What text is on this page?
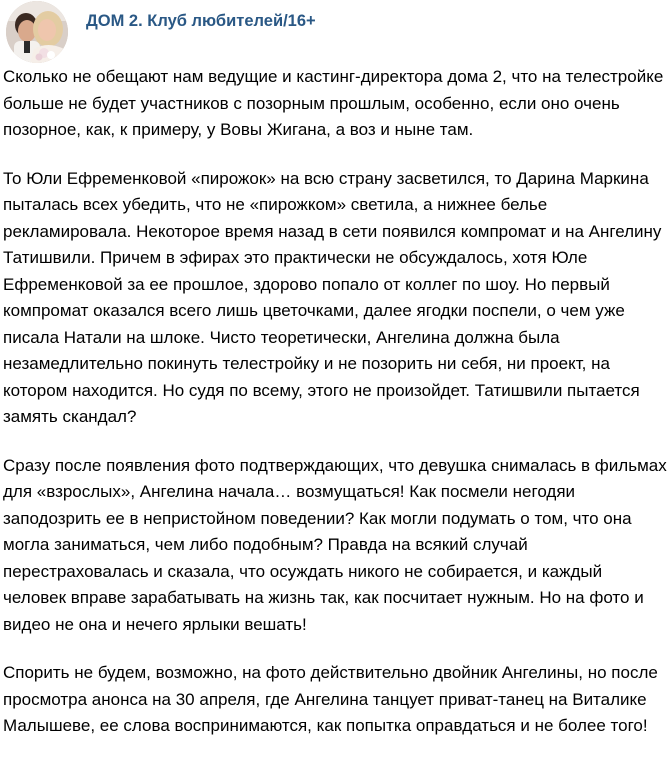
ДОМ 2. Клуб любителей/16+

Сколько не обещают нам ведущие и кастинг-директора дома 2, что на телестройке больше не будет участников с позорным прошлым, особенно, если оно очень позорное, как, к примеру, у Вовы Жигана, а воз и ныне там.

То Юли Ефременковой «пирожок» на всю страну засветился, то Дарина Маркина пыталась всех убедить, что не «пирожком» светила, а нижнее белье рекламировала. Некоторое время назад в сети появился компромат и на Ангелину Татишвили. Причем в эфирах это практически не обсуждалось, хотя Юле Ефременковой за ее прошлое, здорово попало от коллег по шоу. Но первый компромат оказался всего лишь цветочками, далее ягодки поспели, о чем уже писала Натали на шлоке. Чисто теоретически, Ангелина должна была незамедлительно покинуть телестройку и не позорить ни себя, ни проект, на котором находится. Но судя по всему, этого не произойдет. Татишвили пытается замять скандал?

Сразу после появления фото подтверждающих, что девушка снималась в фильмах для «взрослых», Ангелина начала… возмущаться! Как посмели негодяи заподозрить ее в непристойном поведении? Как могли подумать о том, что она могла заниматься, чем либо подобным? Правда на всякий случай перестраховалась и сказала, что осуждать никого не собирается, и каждый человек вправе зарабатывать на жизнь так, как посчитает нужным. Но на фото и видео не она и нечего ярлыки вешать!

Спорить не будем, возможно, на фото действительно двойник Ангелины, но после просмотра анонса на 30 апреля, где Ангелина танцует приват-танец на Виталике Малышеве, ее слова воспринимаются, как попытка оправдаться и не более того!
